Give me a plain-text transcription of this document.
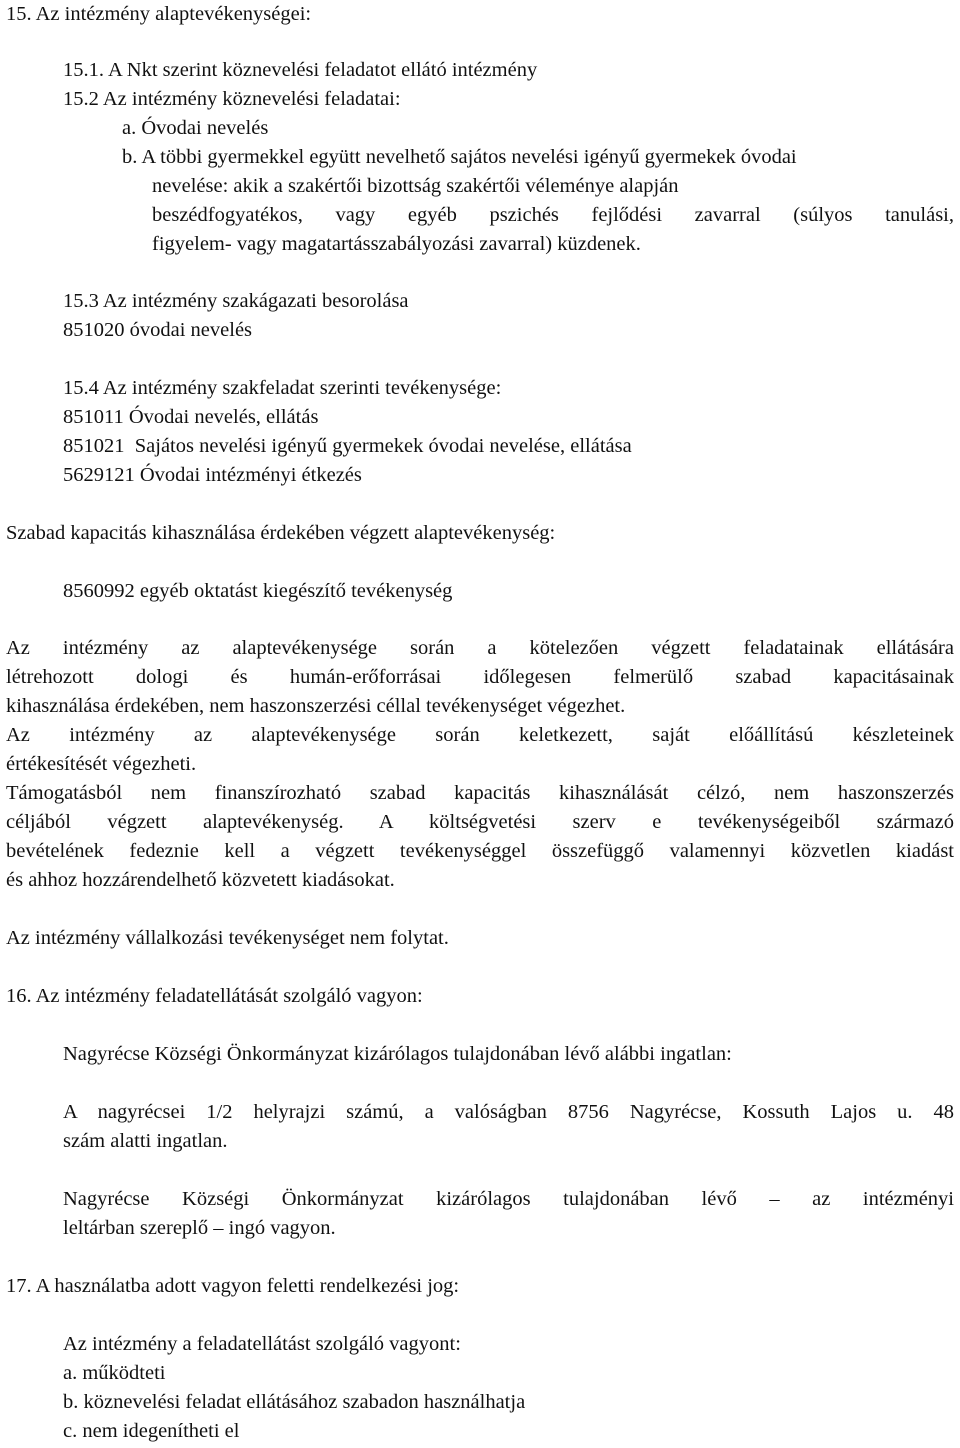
15. Az intézmény alaptevékenységei:
15.1. A Nkt szerint köznevelési feladatot ellátó intézmény
15.2 Az intézmény köznevelési feladatai:
a. Óvodai nevelés
b. A többi gyermekkel együtt nevelhető sajátos nevelési igényű gyermekek óvodai
nevelése: akik a szakértői bizottság szakértői véleménye alapján
beszédfogyatékos, vagy egyéb pszichés fejlődési zavarral (súlyos tanulási,
figyelem- vagy magatartásszabályozási zavarral) küzdenek.
15.3 Az intézmény szakágazati besorolása
851020 óvodai nevelés
15.4 Az intézmény szakfeladat szerinti tevékenysége:
851011 Óvodai nevelés, ellátás
851021  Sajátos nevelési igényű gyermekek óvodai nevelése, ellátása
5629121 Óvodai intézményi étkezés
Szabad kapacitás kihasználása érdekében végzett alaptevékenység:
8560992 egyéb oktatást kiegészítő tevékenység
Az intézmény az alaptevékenysége során a kötelezően végzett feladatainak ellátására
létrehozott dologi és humán-erőforrásai időlegesen felmerülő szabad kapacitásainak
kihasználása érdekében, nem haszonszerzési céllal tevékenységet végezhet.
Az intézmény az alaptevékenysége során keletkezett, saját előállítású készleteinek
értékesítését végezheti.
Támogatásból nem finanszírozható szabad kapacitás kihasználását célzó, nem haszonszerzés
céljából végzett alaptevékenység. A költségvetési szerv e tevékenységeiből származó
bevételének fedeznie kell a végzett tevékenységgel összefüggő valamennyi közvetlen kiadást
és ahhoz hozzárendelhető közvetett kiadásokat.
Az intézmény vállalkozási tevékenységet nem folytat.
16. Az intézmény feladatellátását szolgáló vagyon:
Nagyrécse Községi Önkormányzat kizárólagos tulajdonában lévő alábbi ingatlan:
A nagyrécsei 1/2 helyrajzi számú, a valóságban 8756 Nagyrécse, Kossuth Lajos u. 48
szám alatti ingatlan.
Nagyrécse Községi Önkormányzat kizárólagos tulajdonában lévő – az intézményi
leltárban szereplő – ingó vagyon.
17. A használatba adott vagyon feletti rendelkezési jog:
Az intézmény a feladatellátást szolgáló vagyont:
a. működteti
b. köznevelési feladat ellátásához szabadon használhatja
c. nem idegenítheti el
